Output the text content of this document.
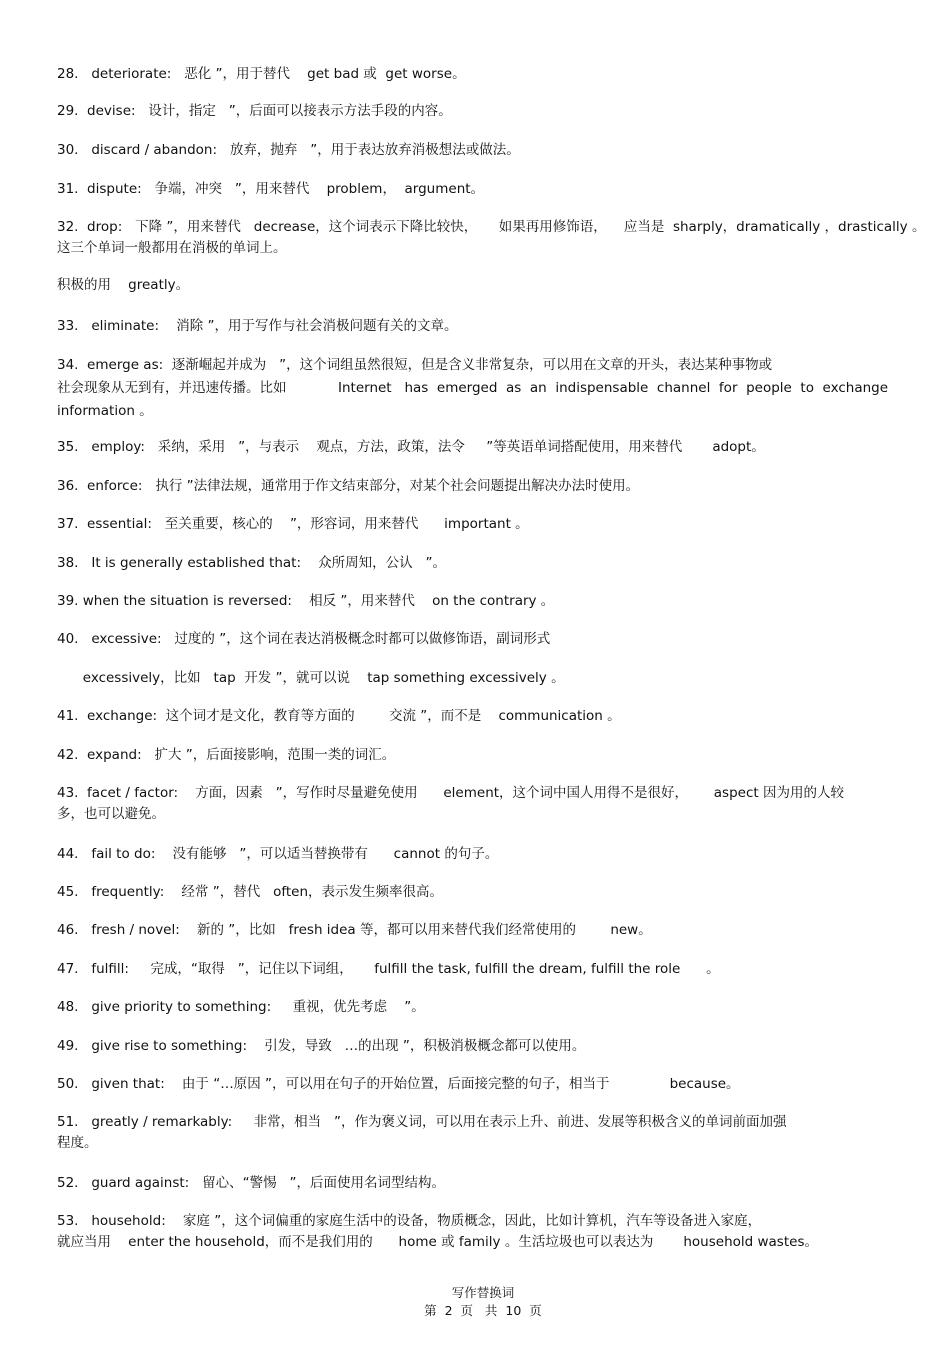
28.   deteriorate:   恶化 ”，用于替代    get bad 或  get worse。
29.  devise:   设计，指定   ”，后面可以接表示方法手段的内容。
30.   discard / abandon:   放弃，抛弃   ”，用于表达放弃消极想法或做法。
31.  dispute:   争端，冲突   ”，用来替代    problem，  argument。
32.  drop:   下降 ”，用来替代   decrease，这个词表示下降比较快，     如果再用修饰语，    应当是  sharply，dramatically ，drastically 。
这三个单词一般都用在消极的单词上。
积极的用    greatly。
33.   eliminate:    消除 ”，用于写作与社会消极问题有关的文章。
34.  emerge as:  逐渐崛起并成为   ”，这个词组虽然很短，但是含义非常复杂，可以用在文章的开头，表达某种事物或
社会现象从无到有，并迅速传播。比如            Internet   has  emerged  as  an  indispensable  channel  for  people  to  exchange
information 。
35.   employ:   采纳，采用   ”，与表示    观点，方法，政策，法令     ”等英语单词搭配使用，用来替代       adopt。
36.  enforce:   执行 ”法律法规，通常用于作文结束部分，对某个社会问题提出解决办法时使用。
37.  essential:   至关重要，核心的    ”，形容词，用来替代      important 。
38.   It is generally established that:    众所周知，公认   ”。
39. when the situation is reversed:    相反 ”，用来替代    on the contrary 。
40.   excessive:   过度的 ”，这个词在表达消极概念时都可以做修饰语，副词形式
excessively，比如   tap  开发 ”，就可以说    tap something excessively 。
41.  exchange:  这个词才是文化，教育等方面的        交流 ”，而不是    communication 。
42.  expand:   扩大 ”，后面接影响，范围一类的词汇。
43.  facet / factor:    方面，因素   ”，写作时尽量避免使用      element，这个词中国人用得不是很好，      aspect 因为用的人较
多，也可以避免。
44.   fail to do:    没有能够   ”，可以适当替换带有      cannot 的句子。
45.   frequently:    经常 ”，替代   often，表示发生频率很高。
46.   fresh / novel:    新的 ”，比如   fresh idea 等，都可以用来替代我们经常使用的        new。
47.   fulfill:     完成，“取得   ”，记住以下词组，     fulfill the task, fulfill the dream, fulfill the role      。
48.   give priority to something:     重视，优先考虑    ”。
49.   give rise to something:    引发，导致   …的出现 ”，积极消极概念都可以使用。
50.   given that:    由于 “…原因 ”，可以用在句子的开始位置，后面接完整的句子，相当于              because。
51.   greatly / remarkably:     非常，相当   ”，作为褒义词，可以用在表示上升、前进、发展等积极含义的单词前面加强
程度。
52.   guard against:   留心、“警惕   ”，后面使用名词型结构。
53.   household:    家庭 ”，这个词偏重的家庭生活中的设备，物质概念，因此，比如计算机，汽车等设备进入家庭，
就应当用    enter the household，而不是我们用的      home 或 family 。生活垃圾也可以表达为       household wastes。

写作替换词
第  2  页   共  10  页
